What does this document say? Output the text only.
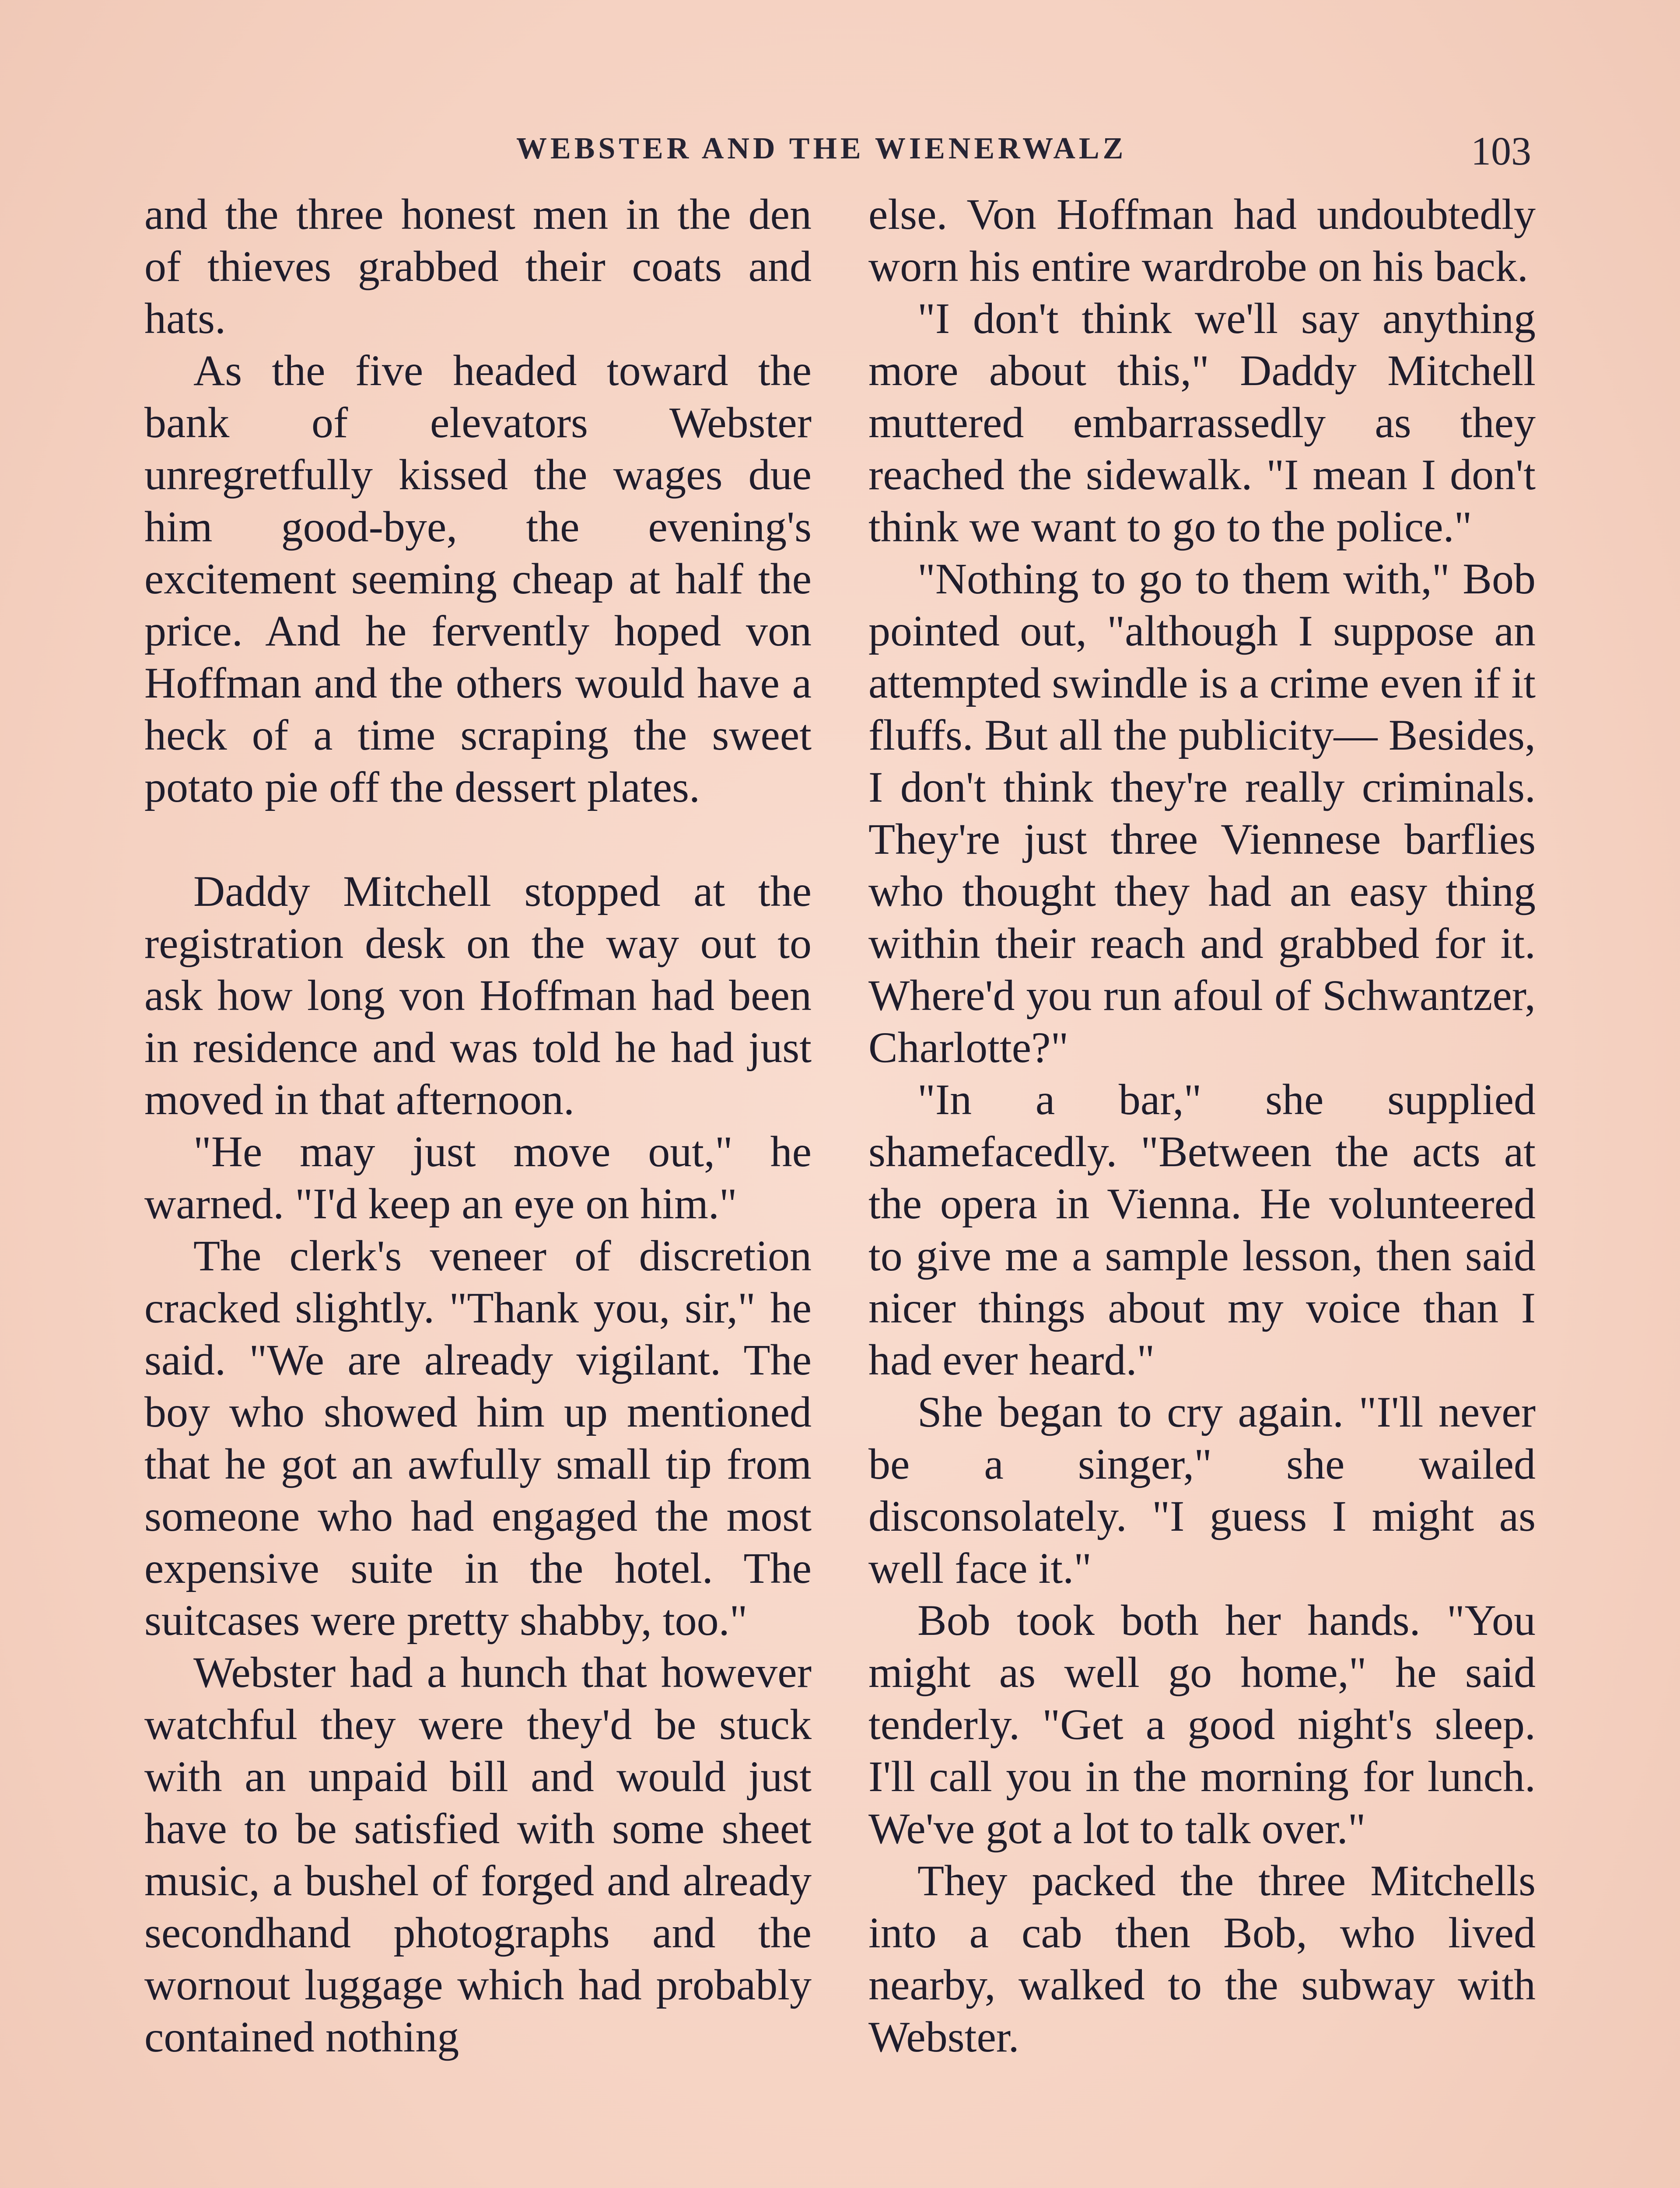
WEBSTER AND THE WIENERWALZ	103

and the three honest men in the den of thieves grabbed their coats and hats.

As the five headed toward the bank of elevators Webster unregretfully kissed the wages due him good-bye, the evening's excitement seeming cheap at half the price. And he fervently hoped von Hoffman and the others would have a heck of a time scraping the sweet potato pie off the dessert plates.

Daddy Mitchell stopped at the registration desk on the way out to ask how long von Hoffman had been in residence and was told he had just moved in that afternoon.

"He may just move out," he warned. "I'd keep an eye on him."

The clerk's veneer of discretion cracked slightly. "Thank you, sir," he said. "We are already vigilant. The boy who showed him up mentioned that he got an awfully small tip from someone who had engaged the most expensive suite in the hotel. The suitcases were pretty shabby, too."

Webster had a hunch that however watchful they were they'd be stuck with an unpaid bill and would just have to be satisfied with some sheet music, a bushel of forged and already secondhand photographs and the wornout luggage which had probably contained nothing

else. Von Hoffman had undoubtedly worn his entire wardrobe on his back.

"I don't think we'll say anything more about this," Daddy Mitchell muttered embarrassedly as they reached the sidewalk. "I mean I don't think we want to go to the police."

"Nothing to go to them with," Bob pointed out, "although I suppose an attempted swindle is a crime even if it fluffs. But all the publicity— Besides, I don't think they're really criminals. They're just three Viennese barflies who thought they had an easy thing within their reach and grabbed for it. Where'd you run afoul of Schwantzer, Charlotte?"

"In a bar," she supplied shamefacedly. "Between the acts at the opera in Vienna. He volunteered to give me a sample lesson, then said nicer things about my voice than I had ever heard."

She began to cry again. "I'll never be a singer," she wailed disconsolately. "I guess I might as well face it."

Bob took both her hands. "You might as well go home," he said tenderly. "Get a good night's sleep. I'll call you in the morning for lunch. We've got a lot to talk over."

They packed the three Mitchells into a cab then Bob, who lived nearby, walked to the subway with Webster.
